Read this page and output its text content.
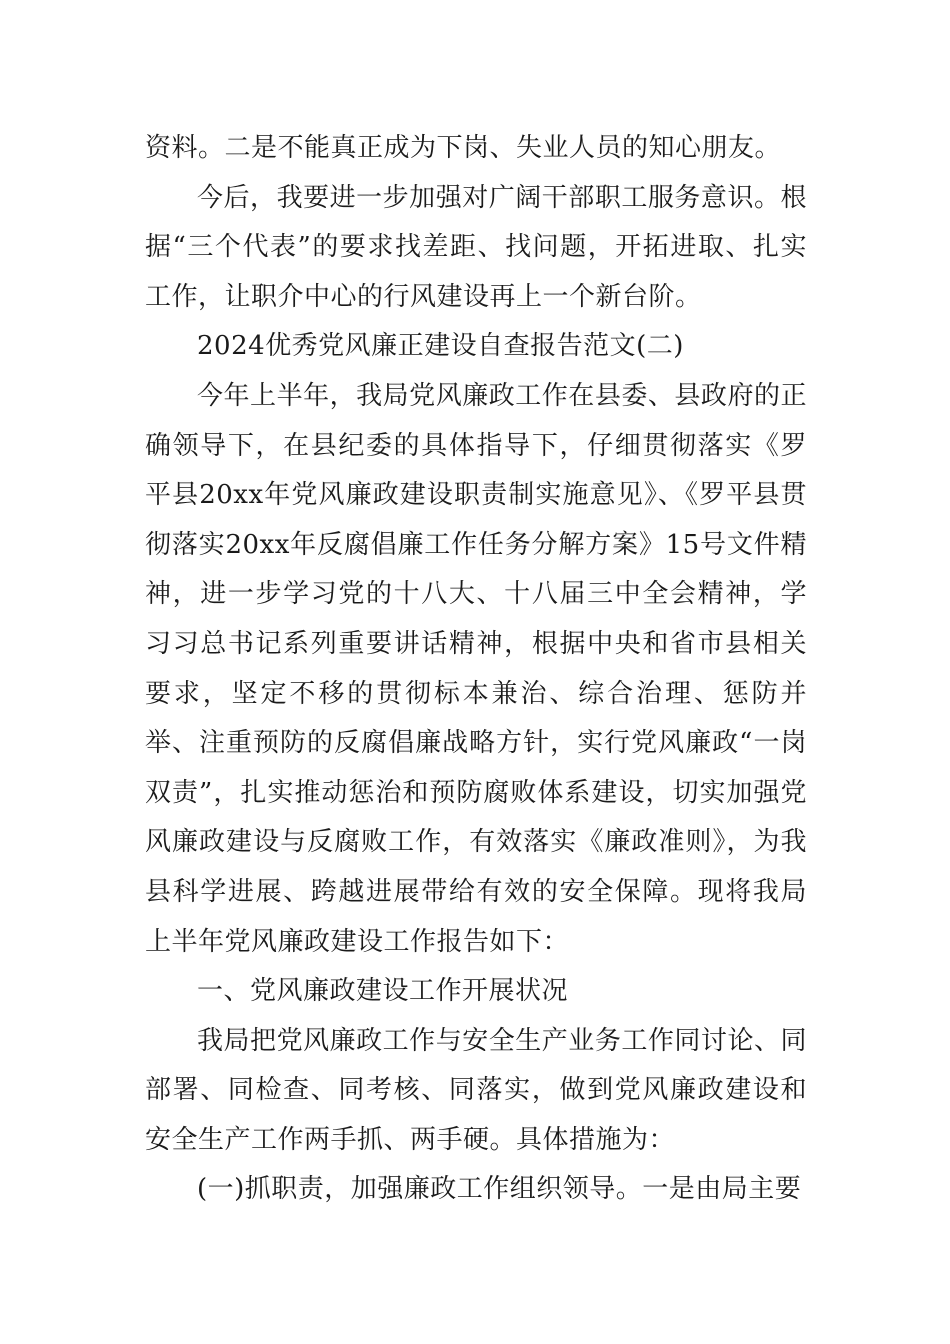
资料。二是不能真正成为下岗、失业人员的知心朋友。

今后，我要进一步加强对广阔干部职工服务意识。根据“三个代表”的要求找差距、找问题，开拓进取、扎实工作，让职介中心的行风建设再上一个新台阶。

2024优秀党风廉正建设自查报告范文(二)

今年上半年，我局党风廉政工作在县委、县政府的正确领导下，在县纪委的具体指导下，仔细贯彻落实《罗平县20xx年党风廉政建设职责制实施意见》、《罗平县贯彻落实20xx年反腐倡廉工作任务分解方案》15号文件精神，进一步学习党的十八大、十八届三中全会精神，学习习总书记系列重要讲话精神，根据中央和省市县相关要求，坚定不移的贯彻标本兼治、综合治理、惩防并举、注重预防的反腐倡廉战略方针，实行党风廉政“一岗双责”，扎实推动惩治和预防腐败体系建设，切实加强党风廉政建设与反腐败工作，有效落实《廉政准则》，为我县科学进展、跨越进展带给有效的安全保障。现将我局上半年党风廉政建设工作报告如下：

一、党风廉政建设工作开展状况

我局把党风廉政工作与安全生产业务工作同讨论、同部署、同检查、同考核、同落实，做到党风廉政建设和安全生产工作两手抓、两手硬。具体措施为：

(一)抓职责，加强廉政工作组织领导。一是由局主要
